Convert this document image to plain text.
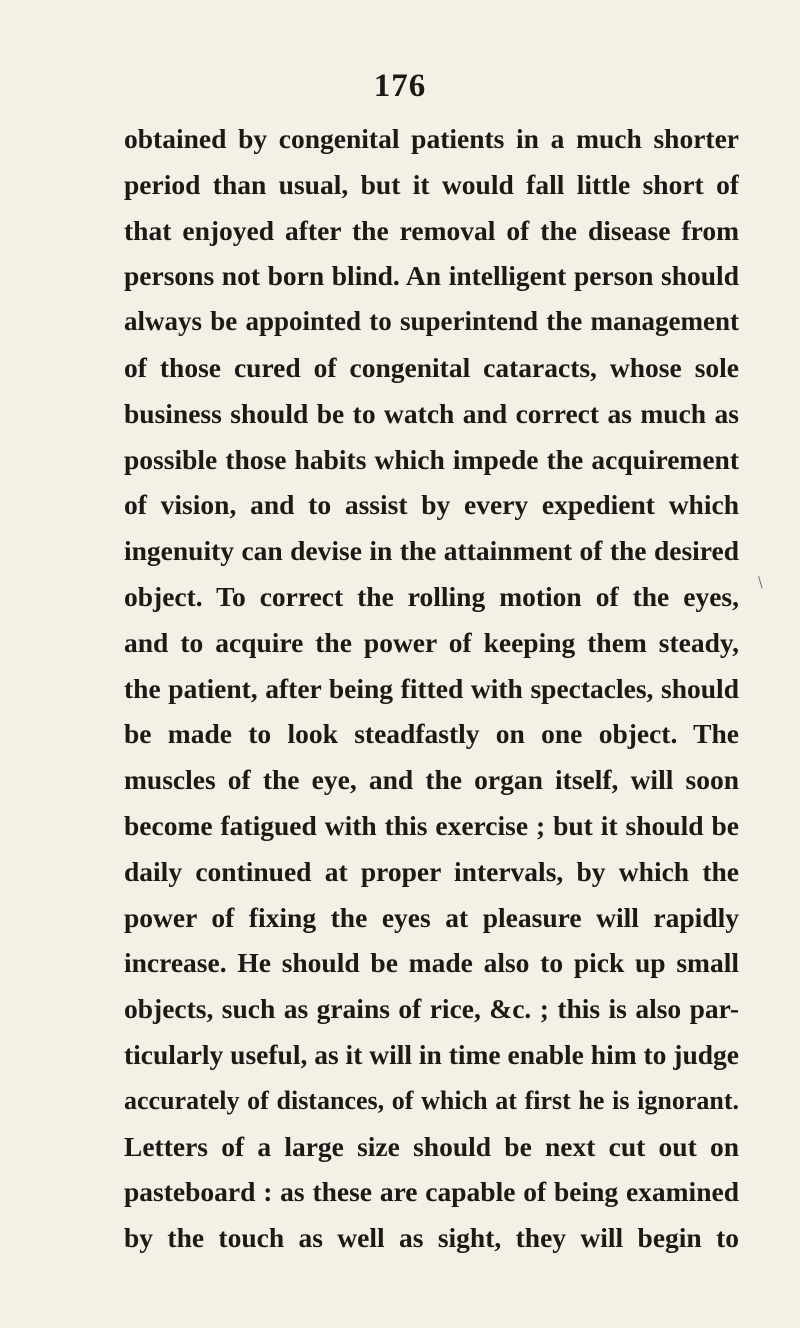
176
obtained by congenital patients in a much shorter
period than usual, but it would fall little short of
that enjoyed after the removal of the disease from
persons not born blind. An intelligent person should
always be appointed to superintend the management
of those cured of congenital cataracts, whose sole
business should be to watch and correct as much as
possible those habits which impede the acquirement
of vision, and to assist by every expedient which
ingenuity can devise in the attainment of the desired
object. To correct the rolling motion of the eyes,
and to acquire the power of keeping them steady,
the patient, after being fitted with spectacles, should
be made to look steadfastly on one object. The
muscles of the eye, and the organ itself, will soon
become fatigued with this exercise ; but it should be
daily continued at proper intervals, by which the
power of fixing the eyes at pleasure will rapidly
increase. He should be made also to pick up small
objects, such as grains of rice, &c. ; this is also par-
ticularly useful, as it will in time enable him to judge
accurately of distances, of which at first he is ignorant.
Letters of a large size should be next cut out on
pasteboard : as these are capable of being examined
by the touch as well as sight, they will begin to
/
